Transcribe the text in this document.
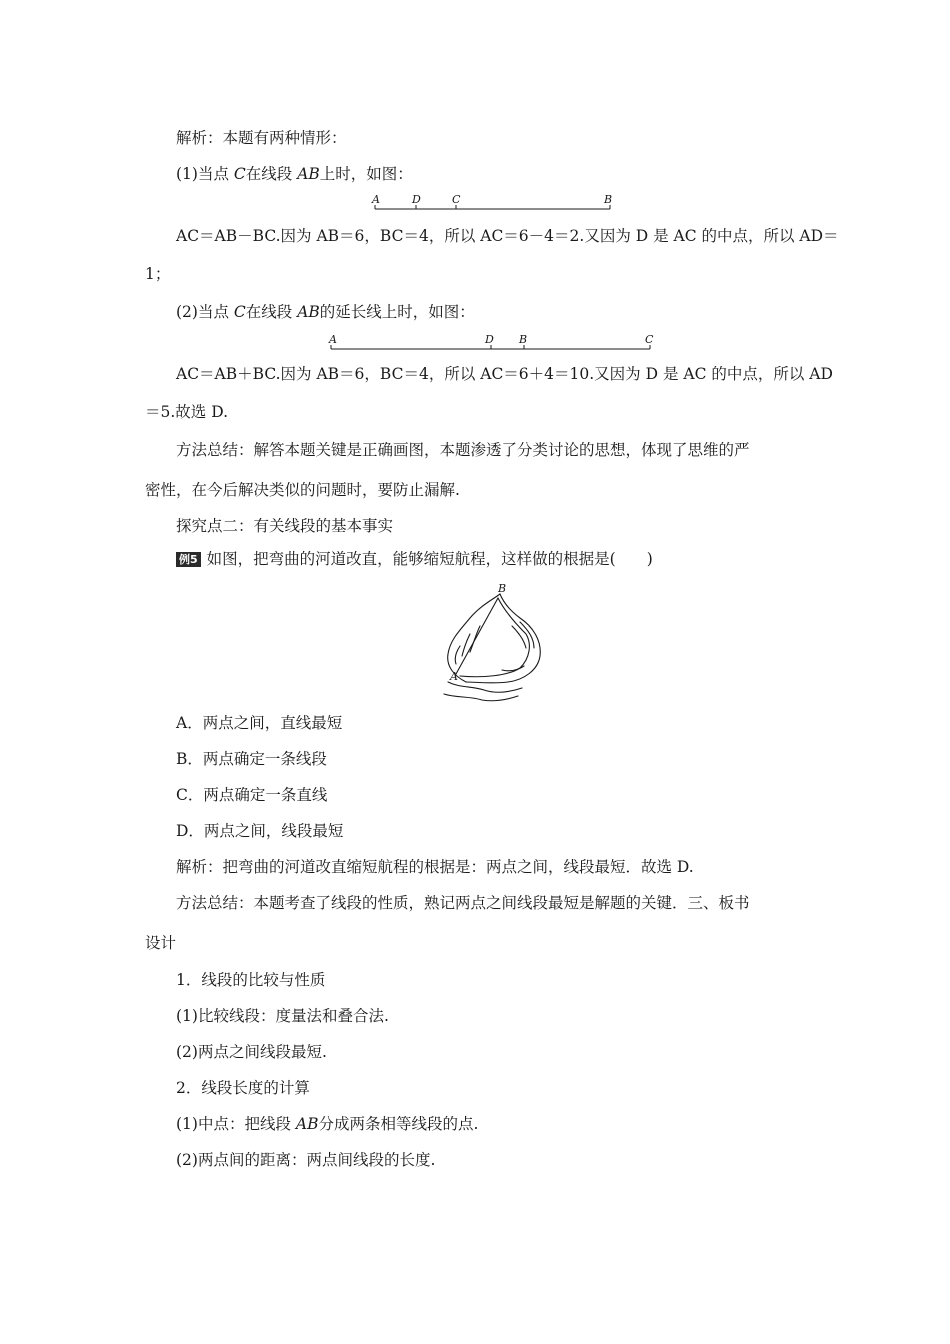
解析：本题有两种情形：
(1)当点 C在线段 AB上时，如图：
A	D	C	B
AC＝AB－BC.因为 AB＝6，BC＝4，所以 AC＝6－4＝2.又因为 D 是 AC 的中点，所以 AD＝
1；
(2)当点 C在线段 AB的延长线上时，如图：
A	D B	C
AC＝AB＋BC.因为 AB＝6，BC＝4，所以 AC＝6＋4＝10.又因为 D 是 AC 的中点，所以 AD
＝5.故选 D.
方法总结：解答本题关键是正确画图，本题渗透了分类讨论的思想，体现了思维的严
密性，在今后解决类似的问题时，要防止漏解.
探究点二：有关线段的基本事实
例5 如图，把弯曲的河道改直，能够缩短航程，这样做的根据是(　　)
B
A
A．两点之间，直线最短
B．两点确定一条线段
C．两点确定一条直线
D．两点之间，线段最短
解析：把弯曲的河道改直缩短航程的根据是：两点之间，线段最短．故选 D.
方法总结：本题考查了线段的性质，熟记两点之间线段最短是解题的关键．三、板书
设计
1．线段的比较与性质
(1)比较线段：度量法和叠合法.
(2)两点之间线段最短.
2．线段长度的计算
(1)中点：把线段 AB分成两条相等线段的点.
(2)两点间的距离：两点间线段的长度.
